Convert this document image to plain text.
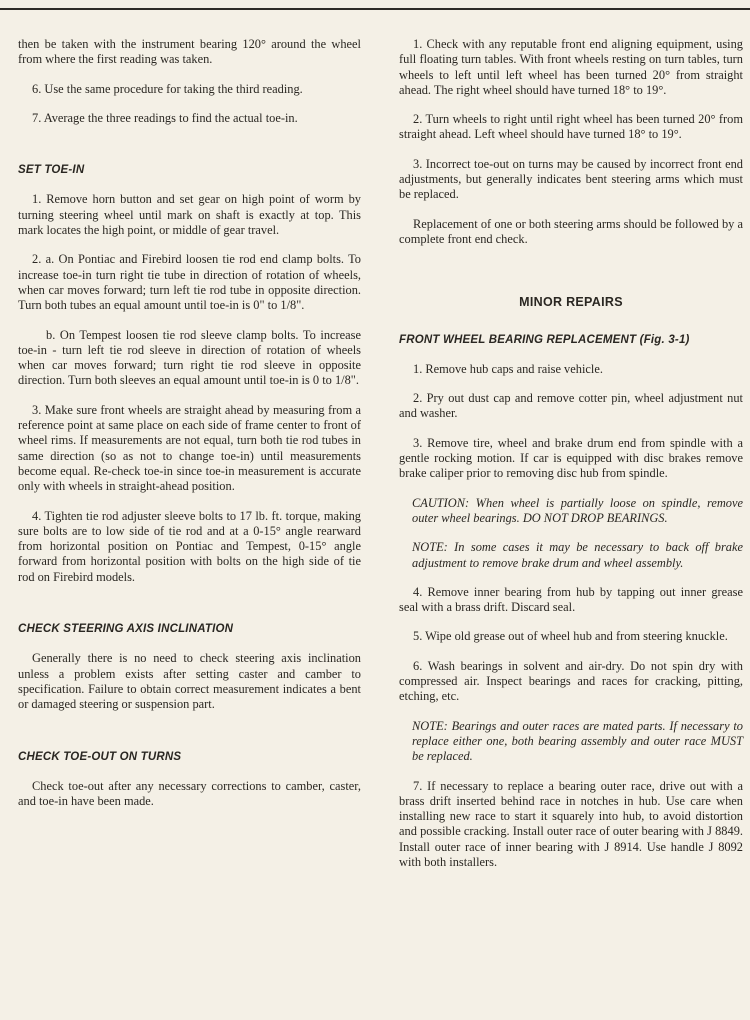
then be taken with the instrument bearing 120° around the wheel from where the first reading was taken.

6. Use the same procedure for taking the third reading.

7. Average the three readings to find the actual toe-in.

SET TOE-IN

1. Remove horn button and set gear on high point of worm by turning steering wheel until mark on shaft is exactly at top. This mark locates the high point, or middle of gear travel.

2. a. On Pontiac and Firebird loosen tie rod end clamp bolts. To increase toe-in turn right tie tube in direction of rotation of wheels, when car moves forward; turn left tie rod tube in opposite direction. Turn both tubes an equal amount until toe-in is 0" to 1/8".

b. On Tempest loosen tie rod sleeve clamp bolts. To increase toe-in - turn left tie rod sleeve in direction of rotation of wheels when car moves forward; turn right tie rod sleeve in opposite direction. Turn both sleeves an equal amount until toe-in is 0 to 1/8".

3. Make sure front wheels are straight ahead by measuring from a reference point at same place on each side of frame center to front of wheel rims. If measurements are not equal, turn both tie rod tubes in same direction (so as not to change toe-in) until measurements become equal. Re-check toe-in since toe-in measurement is accurate only with wheels in straight-ahead position.

4. Tighten tie rod adjuster sleeve bolts to 17 lb. ft. torque, making sure bolts are to low side of tie rod and at a 0-15° angle rearward from horizontal position on Pontiac and Tempest, 0-15° angle forward from horizontal position with bolts on the high side of tie rod on Firebird models.

CHECK STEERING AXIS INCLINATION

Generally there is no need to check steering axis inclination unless a problem exists after setting caster and camber to specification. Failure to obtain correct measurement indicates a bent or damaged steering or suspension part.

CHECK TOE-OUT ON TURNS

Check toe-out after any necessary corrections to camber, caster, and toe-in have been made.

1. Check with any reputable front end aligning equipment, using full floating turn tables. With front wheels resting on turn tables, turn wheels to left until left wheel has been turned 20° from straight ahead. The right wheel should have turned 18° to 19°.

2. Turn wheels to right until right wheel has been turned 20° from straight ahead. Left wheel should have turned 18° to 19°.

3. Incorrect toe-out on turns may be caused by incorrect front end adjustments, but generally indicates bent steering arms which must be replaced.

Replacement of one or both steering arms should be followed by a complete front end check.

MINOR REPAIRS

FRONT WHEEL BEARING REPLACEMENT (Fig. 3-1)

1. Remove hub caps and raise vehicle.

2. Pry out dust cap and remove cotter pin, wheel adjustment nut and washer.

3. Remove tire, wheel and brake drum end from spindle with a gentle rocking motion. If car is equipped with disc brakes remove brake caliper prior to removing disc hub from spindle.

CAUTION: When wheel is partially loose on spindle, remove outer wheel bearings. DO NOT DROP BEARINGS.

NOTE: In some cases it may be necessary to back off brake adjustment to remove brake drum and wheel assembly.

4. Remove inner bearing from hub by tapping out inner grease seal with a brass drift. Discard seal.

5. Wipe old grease out of wheel hub and from steering knuckle.

6. Wash bearings in solvent and air-dry. Do not spin dry with compressed air. Inspect bearings and races for cracking, pitting, etching, etc.

NOTE: Bearings and outer races are mated parts. If necessary to replace either one, both bearing assembly and outer race MUST be replaced.

7. If necessary to replace a bearing outer race, drive out with a brass drift inserted behind race in notches in hub. Use care when installing new race to start it squarely into hub, to avoid distortion and possible cracking. Install outer race of outer bearing with J 8849. Install outer race of inner bearing with J 8914. Use handle J 8092 with both installers.
